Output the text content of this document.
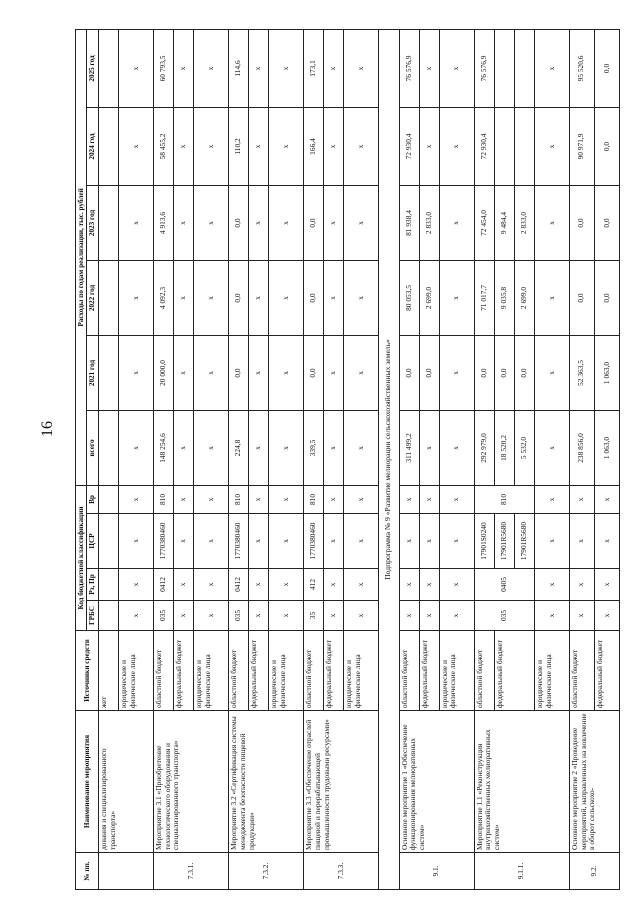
16
№ пп.	Наименование мероприятия	Источники средств	Код бюджетной классификации				Расходы по годам реализации, тыс. рублей					
			ГРБС	Рз, Пр	ЦСР	Вр	всего	2021 год	2022 год	2023 год	2024 год	2025 год
	дования и специализированного транспорта»	жет										
		юридические и физические лица	х	х	х	х	х	х	х	х	х	х
7.3.1.	Мероприятие 3.1 «Приобретение технологического оборудования и специализированного транспорта»	областной бюджет	035	0412	1770380460	810	148 254,6	20 000,0	4 092,3	4 913,6	58 455,2	60 793,5
		федеральный бюджет	х	х	х	х	х	х	х	х	х	х
		юридические и физические лица	х	х	х	х	х	х	х	х	х	х
7.3.2.	Мероприятие 3.2 «Сертификация системы менеджмента безопасности пищевой продукции»	областной бюджет	035	0412	1770380460	810	224,8	0,0	0,0	0,0	110,2	114,6
		федеральный бюджет	х	х	х	х	х	х	х	х	х	х
		юридические и физические лица	х	х	х	х	х	х	х	х	х	х
7.3.3.	Мероприятие 3.3 «Обеспечение отраслей пищевой и перерабатывающей промышленности трудовыми ресурсами»	областной бюджет	35	412	1770380460	810	339,5	0,0	0,0	0,0	166,4	173,1
		федеральный бюджет	х	х	х	х	х	х	х	х	х	х
		юридические и физические лица	х	х	х	х	х	х	х	х	х	х
Подпрограмма № 9 «Развитие мелиорации сельскохозяйственных земель»												
9.1.	Основное мероприятие 1 «Обеспечение функционирования мелиоративных систем»	областной бюджет	х	х	х	х	311 499,2	0,0	80 053,5	81 938,4	72 930,4	76 576,9
		федеральный бюджет	х	х	х	х	х	0,0	2 699,0	2 833,0	х	х
		юридические и физические лица	х	х	х	х	х	х	х	х	х	х
9.1.1.	Мероприятие 1.1 «Реконструкция внутрихозяйственных мелиоративных систем»	областной бюджет	035	0405	17901S0240	810	292 979,0	0,0	71 017,7	72 454,0	72 930,4	76 576,9
		федеральный бюджет			17901R5680		18 520,2	0,0	9 035,8	9 484,4		
					17901R5680		5 532,0	0,0	2 699,0	2 833,0		
		юридические и физические лица	х	х	х	х	х	х	х	х	х	х
9.2.	Основное мероприятие 2 «Проведение мероприятий, направленных на вовлечение в оборот сельскохо-	областной бюджет	х	х	х	х	238 856,0	52 363,5	0,0	0,0	90 971,9	95 520,6
		федеральный бюджет	х	х	х	х	1 063,0	1 063,0	0,0	0,0	0,0	0,0
